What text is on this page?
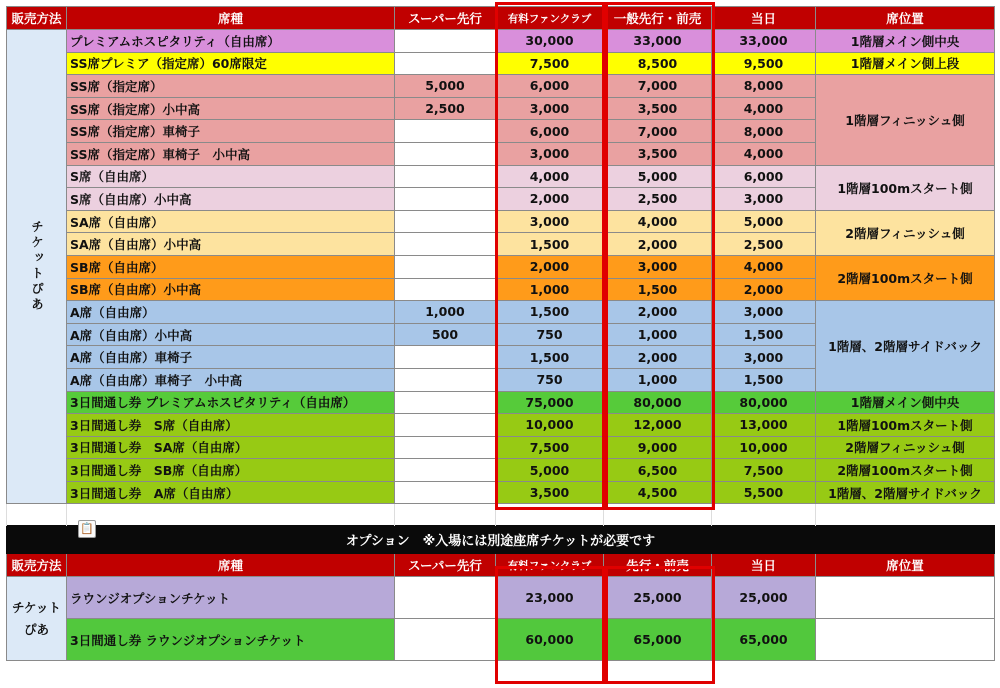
販売方法	席種	スーパー先行	有料ファンクラブ	一般先行・前売	当日	席位置
チケットぴあ	プレミアムホスピタリティ（自由席）		30,000	33,000	33,000	1階層メイン側中央
	SS席プレミア（指定席）60席限定		7,500	8,500	9,500	1階層メイン側上段
	SS席（指定席）	5,000	6,000	7,000	8,000	1階層フィニッシュ側
	SS席（指定席）小中高	2,500	3,000	3,500	4,000	
	SS席（指定席）車椅子		6,000	7,000	8,000	
	SS席（指定席）車椅子　小中高		3,000	3,500	4,000	
	S席（自由席）		4,000	5,000	6,000	1階層100mスタート側
	S席（自由席）小中高		2,000	2,500	3,000	
	SA席（自由席）		3,000	4,000	5,000	2階層フィニッシュ側
	SA席（自由席）小中高		1,500	2,000	2,500	
	SB席（自由席）		2,000	3,000	4,000	2階層100mスタート側
	SB席（自由席）小中高		1,000	1,500	2,000	
	A席（自由席）	1,000	1,500	2,000	3,000	1階層、2階層サイドバック
	A席（自由席）小中高	500	750	1,000	1,500	
	A席（自由席）車椅子		1,500	2,000	3,000	
	A席（自由席）車椅子　小中高		750	1,000	1,500	
	3日間通し券 プレミアムホスピタリティ（自由席）		75,000	80,000	80,000	1階層メイン側中央
	3日間通し券　S席（自由席）		10,000	12,000	13,000	1階層100mスタート側
	3日間通し券　SA席（自由席）		7,500	9,000	10,000	2階層フィニッシュ側
	3日間通し券　SB席（自由席）		5,000	6,500	7,500	2階層100mスタート側
	3日間通し券　A席（自由席）		3,500	4,500	5,500	1階層、2階層サイドバック

オプション　※入場には別途座席チケットが必要です						
販売方法	席種	スーパー先行	有料ファンクラブ	先行・前売	当日	席位置
チケット
ぴあ	ラウンジオプションチケット		23,000	25,000	25,000	
	3日間通し券 ラウンジオプションチケット		60,000	65,000	65,000	
📋
